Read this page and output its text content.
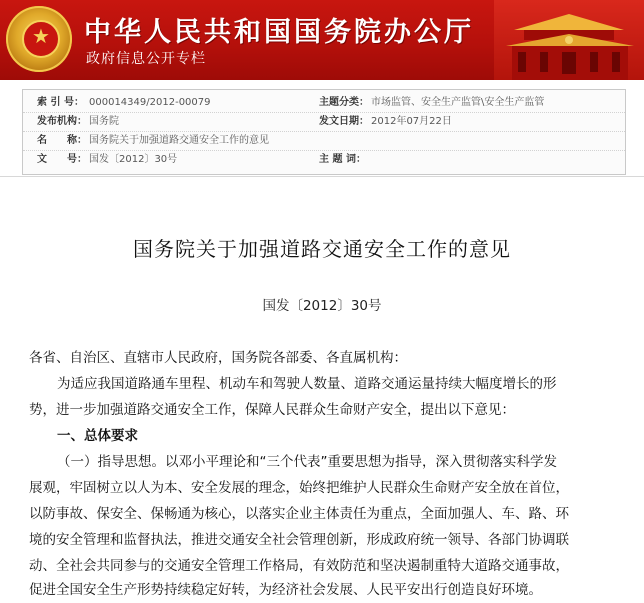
★ 中华人民共和国国务院办公厅
政府信息公开专栏
索 引 号： 000014349/2012-00079	主题分类： 市场监管、安全生产监管\安全生产监管
发布机构： 国务院	发文日期： 2012年07月22日
名　　称： 国务院关于加强道路交通安全工作的意见
文　　号： 国发〔2012〕30号	主 题 词：
国务院关于加强道路交通安全工作的意见
国发〔2012〕30号
各省、自治区、直辖市人民政府，国务院各部委、各直属机构：
为适应我国道路通车里程、机动车和驾驶人数量、道路交通运量持续大幅度增长的形
势，进一步加强道路交通安全工作，保障人民群众生命财产安全，提出以下意见：
一、总体要求
（一）指导思想。以邓小平理论和“三个代表”重要思想为指导，深入贯彻落实科学发
展观，牢固树立以人为本、安全发展的理念，始终把维护人民群众生命财产安全放在首位，
以防事故、保安全、保畅通为核心，以落实企业主体责任为重点，全面加强人、车、路、环
境的安全管理和监督执法，推进交通安全社会管理创新，形成政府统一领导、各部门协调联
动、全社会共同参与的交通安全管理工作格局，有效防范和坚决遏制重特大道路交通事故，
促进全国安全生产形势持续稳定好转，为经济社会发展、人民平安出行创造良好环境。
